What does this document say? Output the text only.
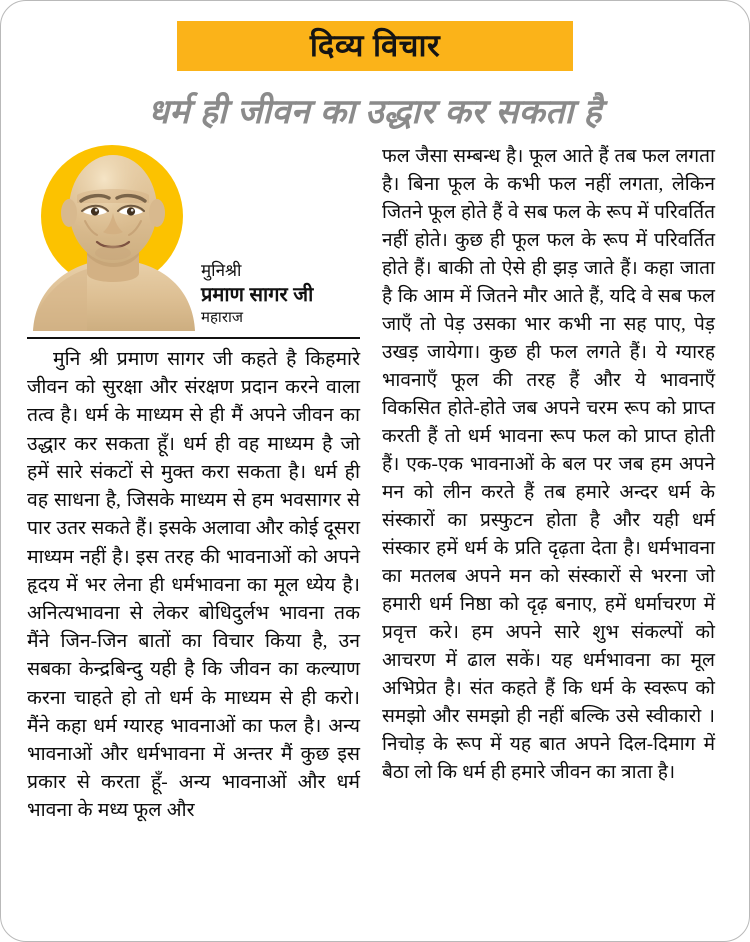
दिव्य विचार
धर्म ही जीवन का उद्धार कर सकता है
मुनिश्री
प्रमाण सागर जी
महाराज

मुनि श्री प्रमाण सागर जी कहते है किहमारे जीवन को सुरक्षा और संरक्षण प्रदान करने वाला तत्व है। धर्म के माध्यम से ही मैं अपने जीवन का उद्धार कर सकता हूँ। धर्म ही वह माध्यम है जो हमें सारे संकटों से मुक्त करा सकता है। धर्म ही वह साधना है, जिसके माध्यम से हम भवसागर से पार उतर सकते हैं। इसके अलावा और कोई दूसरा माध्यम नहीं है। इस तरह की भावनाओं को अपने हृदय में भर लेना ही धर्मभावना का मूल ध्येय है। अनित्यभावना से लेकर बोधिदुर्लभ भावना तक मैंने जिन-जिन बातों का विचार किया है, उन सबका केन्द्रबिन्दु यही है कि जीवन का कल्याण करना चाहते हो तो धर्म के माध्यम से ही करो। मैंने कहा धर्म ग्यारह भावनाओं का फल है। अन्य भावनाओं और धर्मभावना में अन्तर मैं कुछ इस प्रकार से करता हूँ- अन्य भावनाओं और धर्म भावना के मध्य फूल और

फल जैसा सम्बन्ध है। फूल आते हैं तब फल लगता है। बिना फूल के कभी फल नहीं लगता, लेकिन जितने फूल होते हैं वे सब फल के रूप में परिवर्तित नहीं होते। कुछ ही फूल फल के रूप में परिवर्तित होते हैं। बाकी तो ऐसे ही झड़ जाते हैं। कहा जाता है कि आम में जितने मौर आते हैं, यदि वे सब फल जाएँ तो पेड़ उसका भार कभी ना सह पाए, पेड़ उखड़ जायेगा। कुछ ही फल लगते हैं। ये ग्यारह भावनाएँ फूल की तरह हैं और ये भावनाएँ विकसित होते-होते जब अपने चरम रूप को प्राप्त करती हैं तो धर्म भावना रूप फल को प्राप्त होती हैं। एक-एक भावनाओं के बल पर जब हम अपने मन को लीन करते हैं तब हमारे अन्दर धर्म के संस्कारों का प्रस्फुटन होता है और यही धर्म संस्कार हमें धर्म के प्रति दृढ़ता देता है। धर्मभावना का मतलब अपने मन को संस्कारों से भरना जो हमारी धर्म निष्ठा को दृढ़ बनाए, हमें धर्माचरण में प्रवृत्त करे। हम अपने सारे शुभ संकल्पों को आचरण में ढाल सकें। यह धर्मभावना का मूल अभिप्रेत है। संत कहते हैं कि धर्म के स्वरूप को समझो और समझो ही नहीं बल्कि उसे स्वीकारो । निचोड़ के रूप में यह बात अपने दिल-दिमाग में बैठा लो कि धर्म ही हमारे जीवन का त्राता है।
